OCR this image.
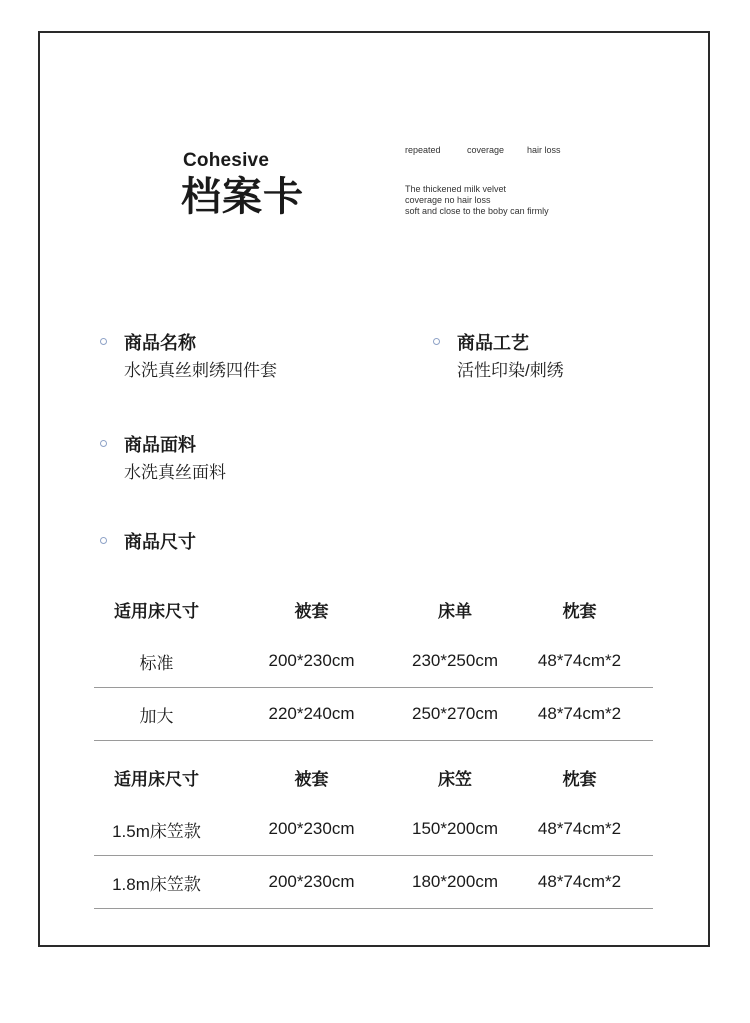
Cohesive
档案卡
repeated	coverage	hair loss
The thickened milk velvet
coverage no hair loss
soft and close to the boby can firmly
商品名称
水洗真丝刺绣四件套
商品工艺
活性印染/刺绣
商品面料
水洗真丝面料
商品尺寸
适用床尺寸	被套	床单	枕套
标准	200*230cm	230*250cm	48*74cm*2
加大	220*240cm	250*270cm	48*74cm*2
适用床尺寸	被套	床笠	枕套
1.5m床笠款	200*230cm	150*200cm	48*74cm*2
1.8m床笠款	200*230cm	180*200cm	48*74cm*2
